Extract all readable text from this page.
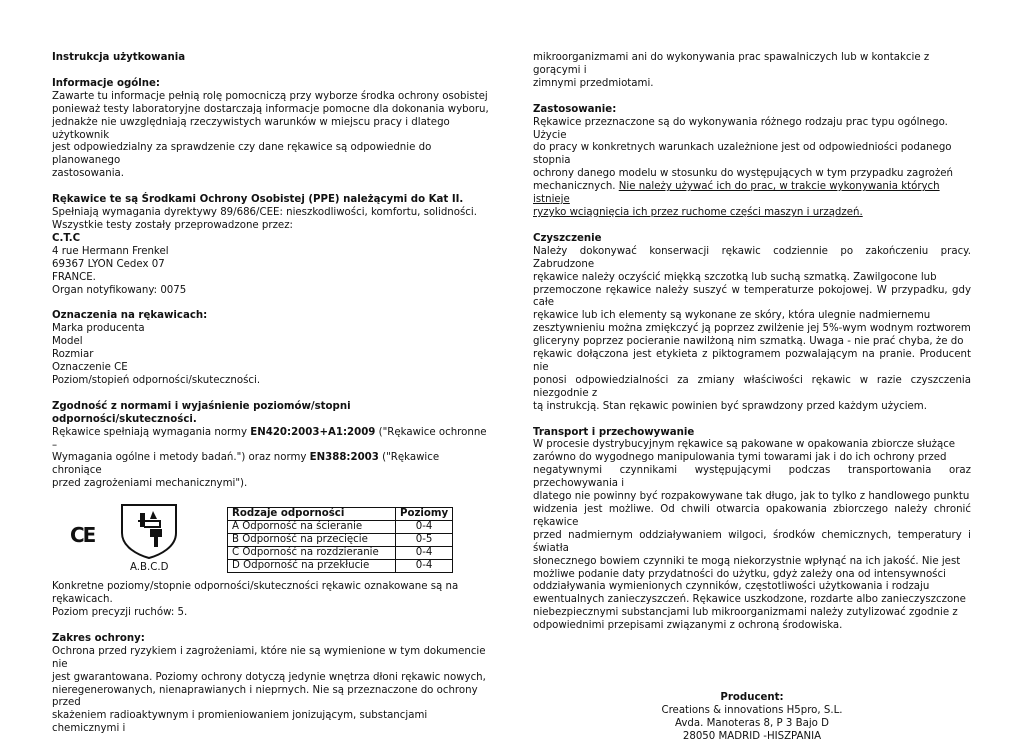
Instrukcja użytkowania

Informacje ogólne:

Zawarte tu informacje pełnią rolę pomocniczą przy wyborze środka ochrony osobistej

ponieważ testy laboratoryjne dostarczają informacje pomocne dla dokonania wyboru,

jednakże nie uwzględniają rzeczywistych warunków w miejscu pracy i dlatego użytkownik

jest odpowiedzialny za sprawdzenie czy dane rękawice są odpowiednie do planowanego

zastosowania.

Rękawice te są Środkami Ochrony Osobistej (PPE) należącymi do Kat II.

Spełniają wymagania dyrektywy 89/686/CEE: nieszkodliwości, komfortu, solidności.

Wszystkie testy zostały przeprowadzone przez:

C.T.C

4 rue Hermann Frenkel

69367 LYON Cedex 07

FRANCE.

Organ notyfikowany: 0075

Oznaczenia na rękawicach:

Marka producenta

Model

Rozmiar

Oznaczenie CE

Poziom/stopień odporności/skuteczności.

Zgodność z normami i wyjaśnienie poziomów/stopni odporności/skuteczności.

Rękawice spełniają wymagania normy EN420:2003+A1:2009 ("Rękawice ochronne –

Wymagania ogólne i metody badań.") oraz normy EN388:2003 ("Rękawice chroniące

przed zagrożeniami mechanicznymi").

CE
A.B.C.D
Rodzaje odporności	Poziomy
A Odporność na ścieranie	0-4
B Odporność na przecięcie	0-5
C Odporność na rozdzieranie	0-4
D Odporność na przekłucie	0-4

Konkretne poziomy/stopnie odporności/skuteczności rękawic oznakowane są na

rękawicach.

Poziom precyzji ruchów: 5.

Zakres ochrony:

Ochrona przed ryzykiem i zagrożeniami, które nie są wymienione w tym dokumencie nie

jest gwarantowana. Poziomy ochrony dotyczą jedynie wnętrza dłoni rękawic nowych,

nieregenerowanych, nienaprawianych i nieprnych. Nie są przeznaczone do ochrony przed

skażeniem radioaktywnym i promieniowaniem jonizującym, substancjami chemicznymi i

mikroorganizmami ani do wykonywania prac spawalniczych lub w kontakcie z gorącymi i

zimnymi przedmiotami.

Zastosowanie:

Rękawice przeznaczone są do wykonywania różnego rodzaju prac typu ogólnego. Użycie

do pracy w konkretnych warunkach uzależnione jest od odpowiedniości podanego stopnia

ochrony danego modelu w stosunku do występujących w tym przypadku zagrożeń

mechanicznych. Nie należy używać ich do prac, w trakcie wykonywania których istnieje

ryzyko wciągnięcia ich przez ruchome części maszyn i urządzeń.

Czyszczenie

Należy dokonywać konserwacji rękawic codziennie po zakończeniu pracy. Zabrudzone

rękawice należy oczyścić miękką szczotką lub suchą szmatką. Zawilgocone lub

przemoczone rękawice należy suszyć w temperaturze pokojowej. W przypadku, gdy całe

rękawice lub ich elementy są wykonane ze skóry, która ulegnie nadmiernemu

zesztywnieniu można zmiękczyć ją poprzez zwilżenie jej 5%-wym wodnym roztworem

gliceryny poprzez pocieranie nawilżoną nim szmatką. Uwaga - nie prać chyba, że do

rękawic dołączona jest etykieta z piktogramem pozwalającym na pranie. Producent nie

ponosi odpowiedzialności za zmiany właściwości rękawic w razie czyszczenia niezgodnie z

tą instrukcją. Stan rękawic powinien być sprawdzony przed każdym użyciem.

Transport i przechowywanie

W procesie dystrybucyjnym rękawice są pakowane w opakowania zbiorcze służące

zarówno do wygodnego manipulowania tymi towarami jak i do ich ochrony przed

negatywnymi czynnikami występującymi podczas transportowania oraz przechowywania i

dlatego nie powinny być rozpakowywane tak długo, jak to tylko z handlowego punktu

widzenia jest możliwe. Od chwili otwarcia opakowania zbiorczego należy chronić rękawice

przed nadmiernym oddziaływaniem wilgoci, środków chemicznych, temperatury i światła

słonecznego bowiem czynniki te mogą niekorzystnie wpłynąć na ich jakość. Nie jest

możliwe podanie daty przydatności do użytku, gdyż zależy ona od intensywności

oddziaływania wymienionych czynników, częstotliwości użytkowania i rodzaju

ewentualnych zanieczyszczeń. Rękawice uszkodzone, rozdarte albo zanieczyszczone

niebezpiecznymi substancjami lub mikroorganizmami należy zutylizować zgodnie z

odpowiednimi przepisami związanymi z ochroną środowiska.

Producent:

Creations & innovations H5pro, S.L.

Avda. Manoteras 8, P 3 Bajo D

28050 MADRID -HISZPANIA
